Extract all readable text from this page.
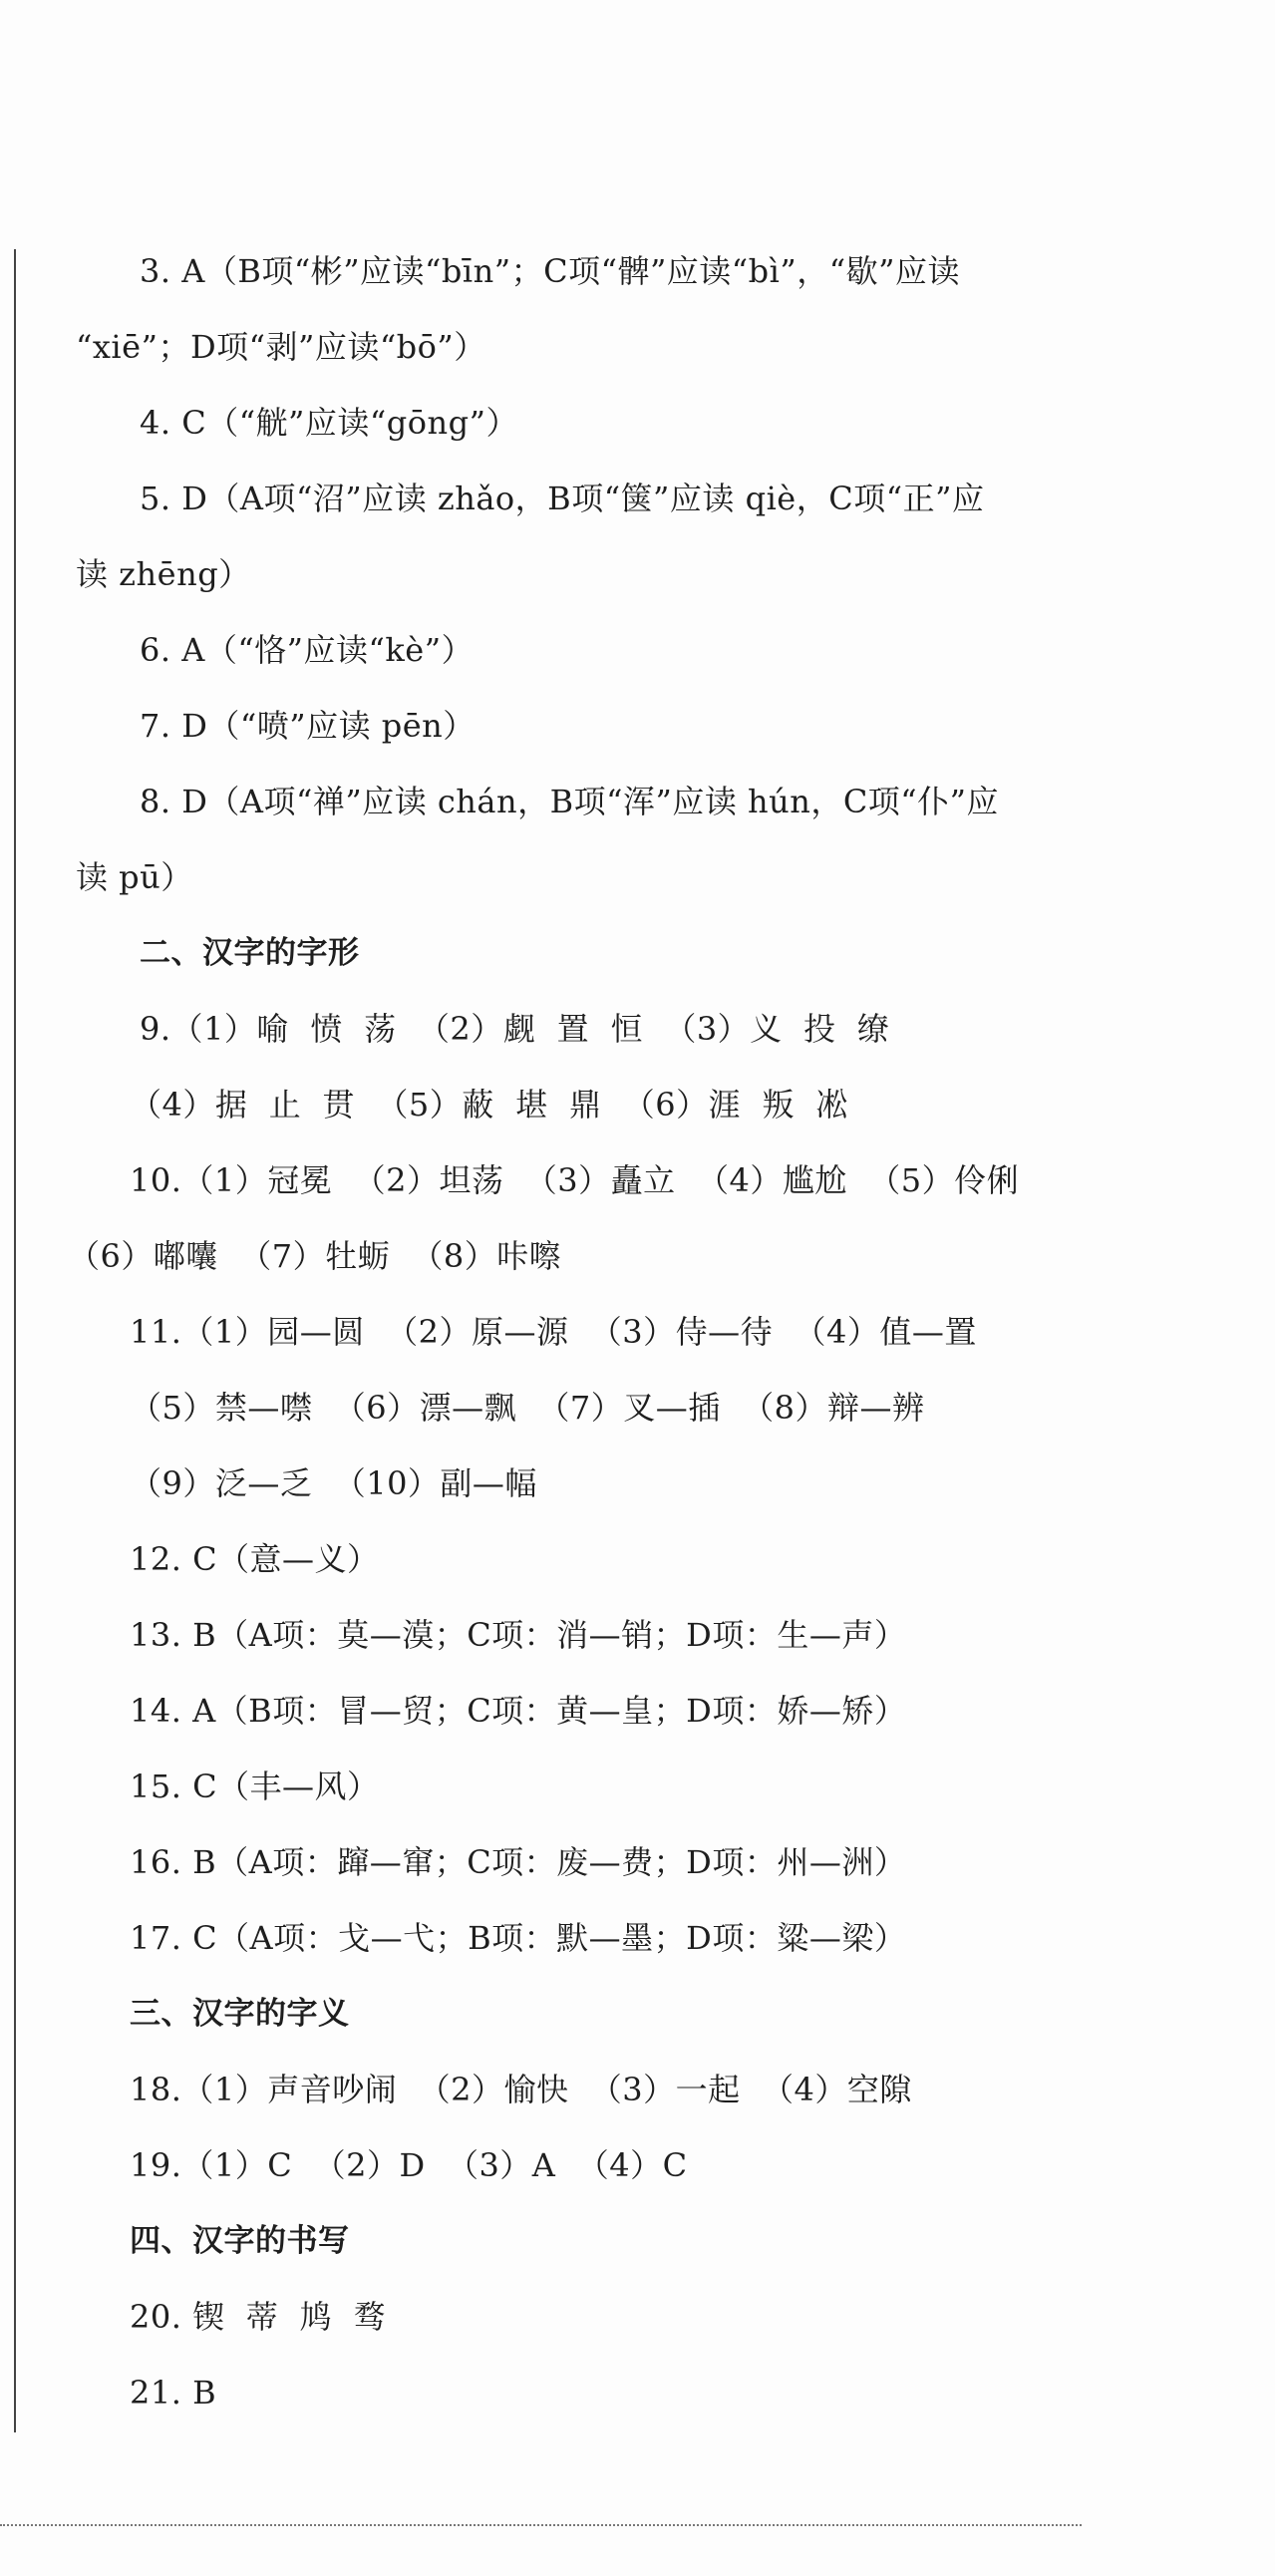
3. A（B项“彬”应读“bīn”；C项“髀”应读“bì”，“歇”应读
“xiē”；D项“剥”应读“bō”）
4. C（“觥”应读“gōng”）
5. D（A项“沼”应读 zhǎo，B项“箧”应读 qiè，C项“正”应
读 zhēng）
6. A（“恪”应读“kè”）
7. D（“喷”应读 pēn）
8. D（A项“禅”应读 chán，B项“浑”应读 hún，C项“仆”应
读 pū）
二、汉字的字形
9.（1）喻  愤  荡  （2）觑  置  恒  （3）义  投  缭
（4）据  止  贯  （5）蔽  堪  鼎  （6）涯  叛  凇
10.（1）冠冕  （2）坦荡  （3）矗立  （4）尴尬  （5）伶俐
（6）嘟囔  （7）牡蛎  （8）咔嚓
11.（1）园—圆  （2）原—源  （3）侍—待  （4）值—置
（5）禁—噤  （6）漂—飘  （7）叉—插  （8）辩—辨
（9）泛—乏  （10）副—幅
12. C（意—义）
13. B（A项：莫—漠；C项：消—销；D项：生—声）
14. A（B项：冒—贸；C项：黄—皇；D项：娇—矫）
15. C（丰—风）
16. B（A项：蹿—窜；C项：废—费；D项：州—洲）
17. C（A项：戈—弋；B项：默—墨；D项：粱—梁）
三、汉字的字义
18.（1）声音吵闹  （2）愉快  （3）一起  （4）空隙
19.（1）C  （2）D  （3）A  （4）C
四、汉字的书写
20. 锲  蒂  鸠  骛
21. B
